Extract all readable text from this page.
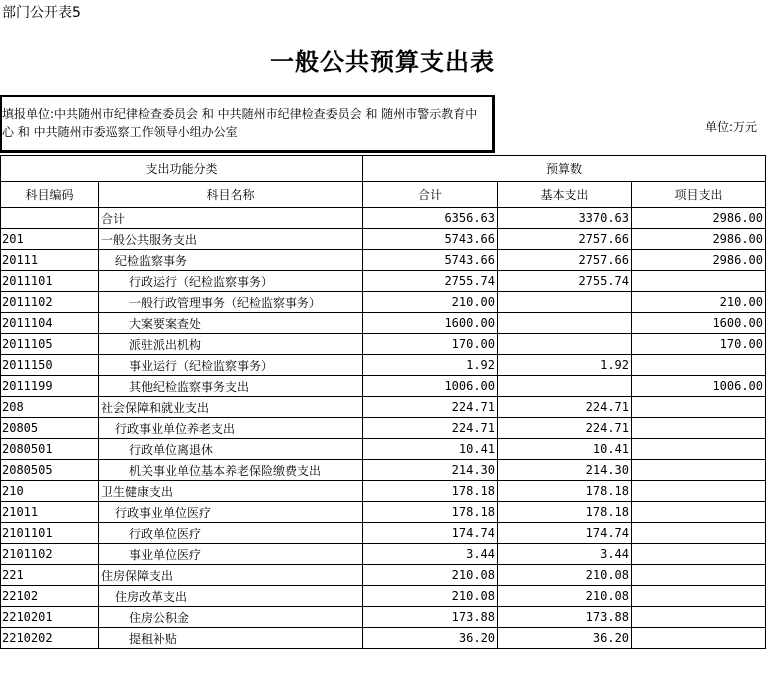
部门公开表5
一般公共预算支出表
填报单位:中共随州市纪律检查委员会 和 中共随州市纪律检查委员会 和 随州市警示教育中心 和 中共随州市委巡察工作领导小组办公室	单位:万元
支出功能分类		预算数		
科目编码	科目名称	合计	基本支出	项目支出
	合计	6356.63	3370.63	2986.00
201	一般公共服务支出	5743.66	2757.66	2986.00
20111	纪检监察事务	5743.66	2757.66	2986.00
2011101	行政运行（纪检监察事务）	2755.74	2755.74	
2011102	一般行政管理事务（纪检监察事务）	210.00		210.00
2011104	大案要案查处	1600.00		1600.00
2011105	派驻派出机构	170.00		170.00
2011150	事业运行（纪检监察事务）	1.92	1.92	
2011199	其他纪检监察事务支出	1006.00		1006.00
208	社会保障和就业支出	224.71	224.71	
20805	行政事业单位养老支出	224.71	224.71	
2080501	行政单位离退休	10.41	10.41	
2080505	机关事业单位基本养老保险缴费支出	214.30	214.30	
210	卫生健康支出	178.18	178.18	
21011	行政事业单位医疗	178.18	178.18	
2101101	行政单位医疗	174.74	174.74	
2101102	事业单位医疗	3.44	3.44	
221	住房保障支出	210.08	210.08	
22102	住房改革支出	210.08	210.08	
2210201	住房公积金	173.88	173.88	
2210202	提租补贴	36.20	36.20	
